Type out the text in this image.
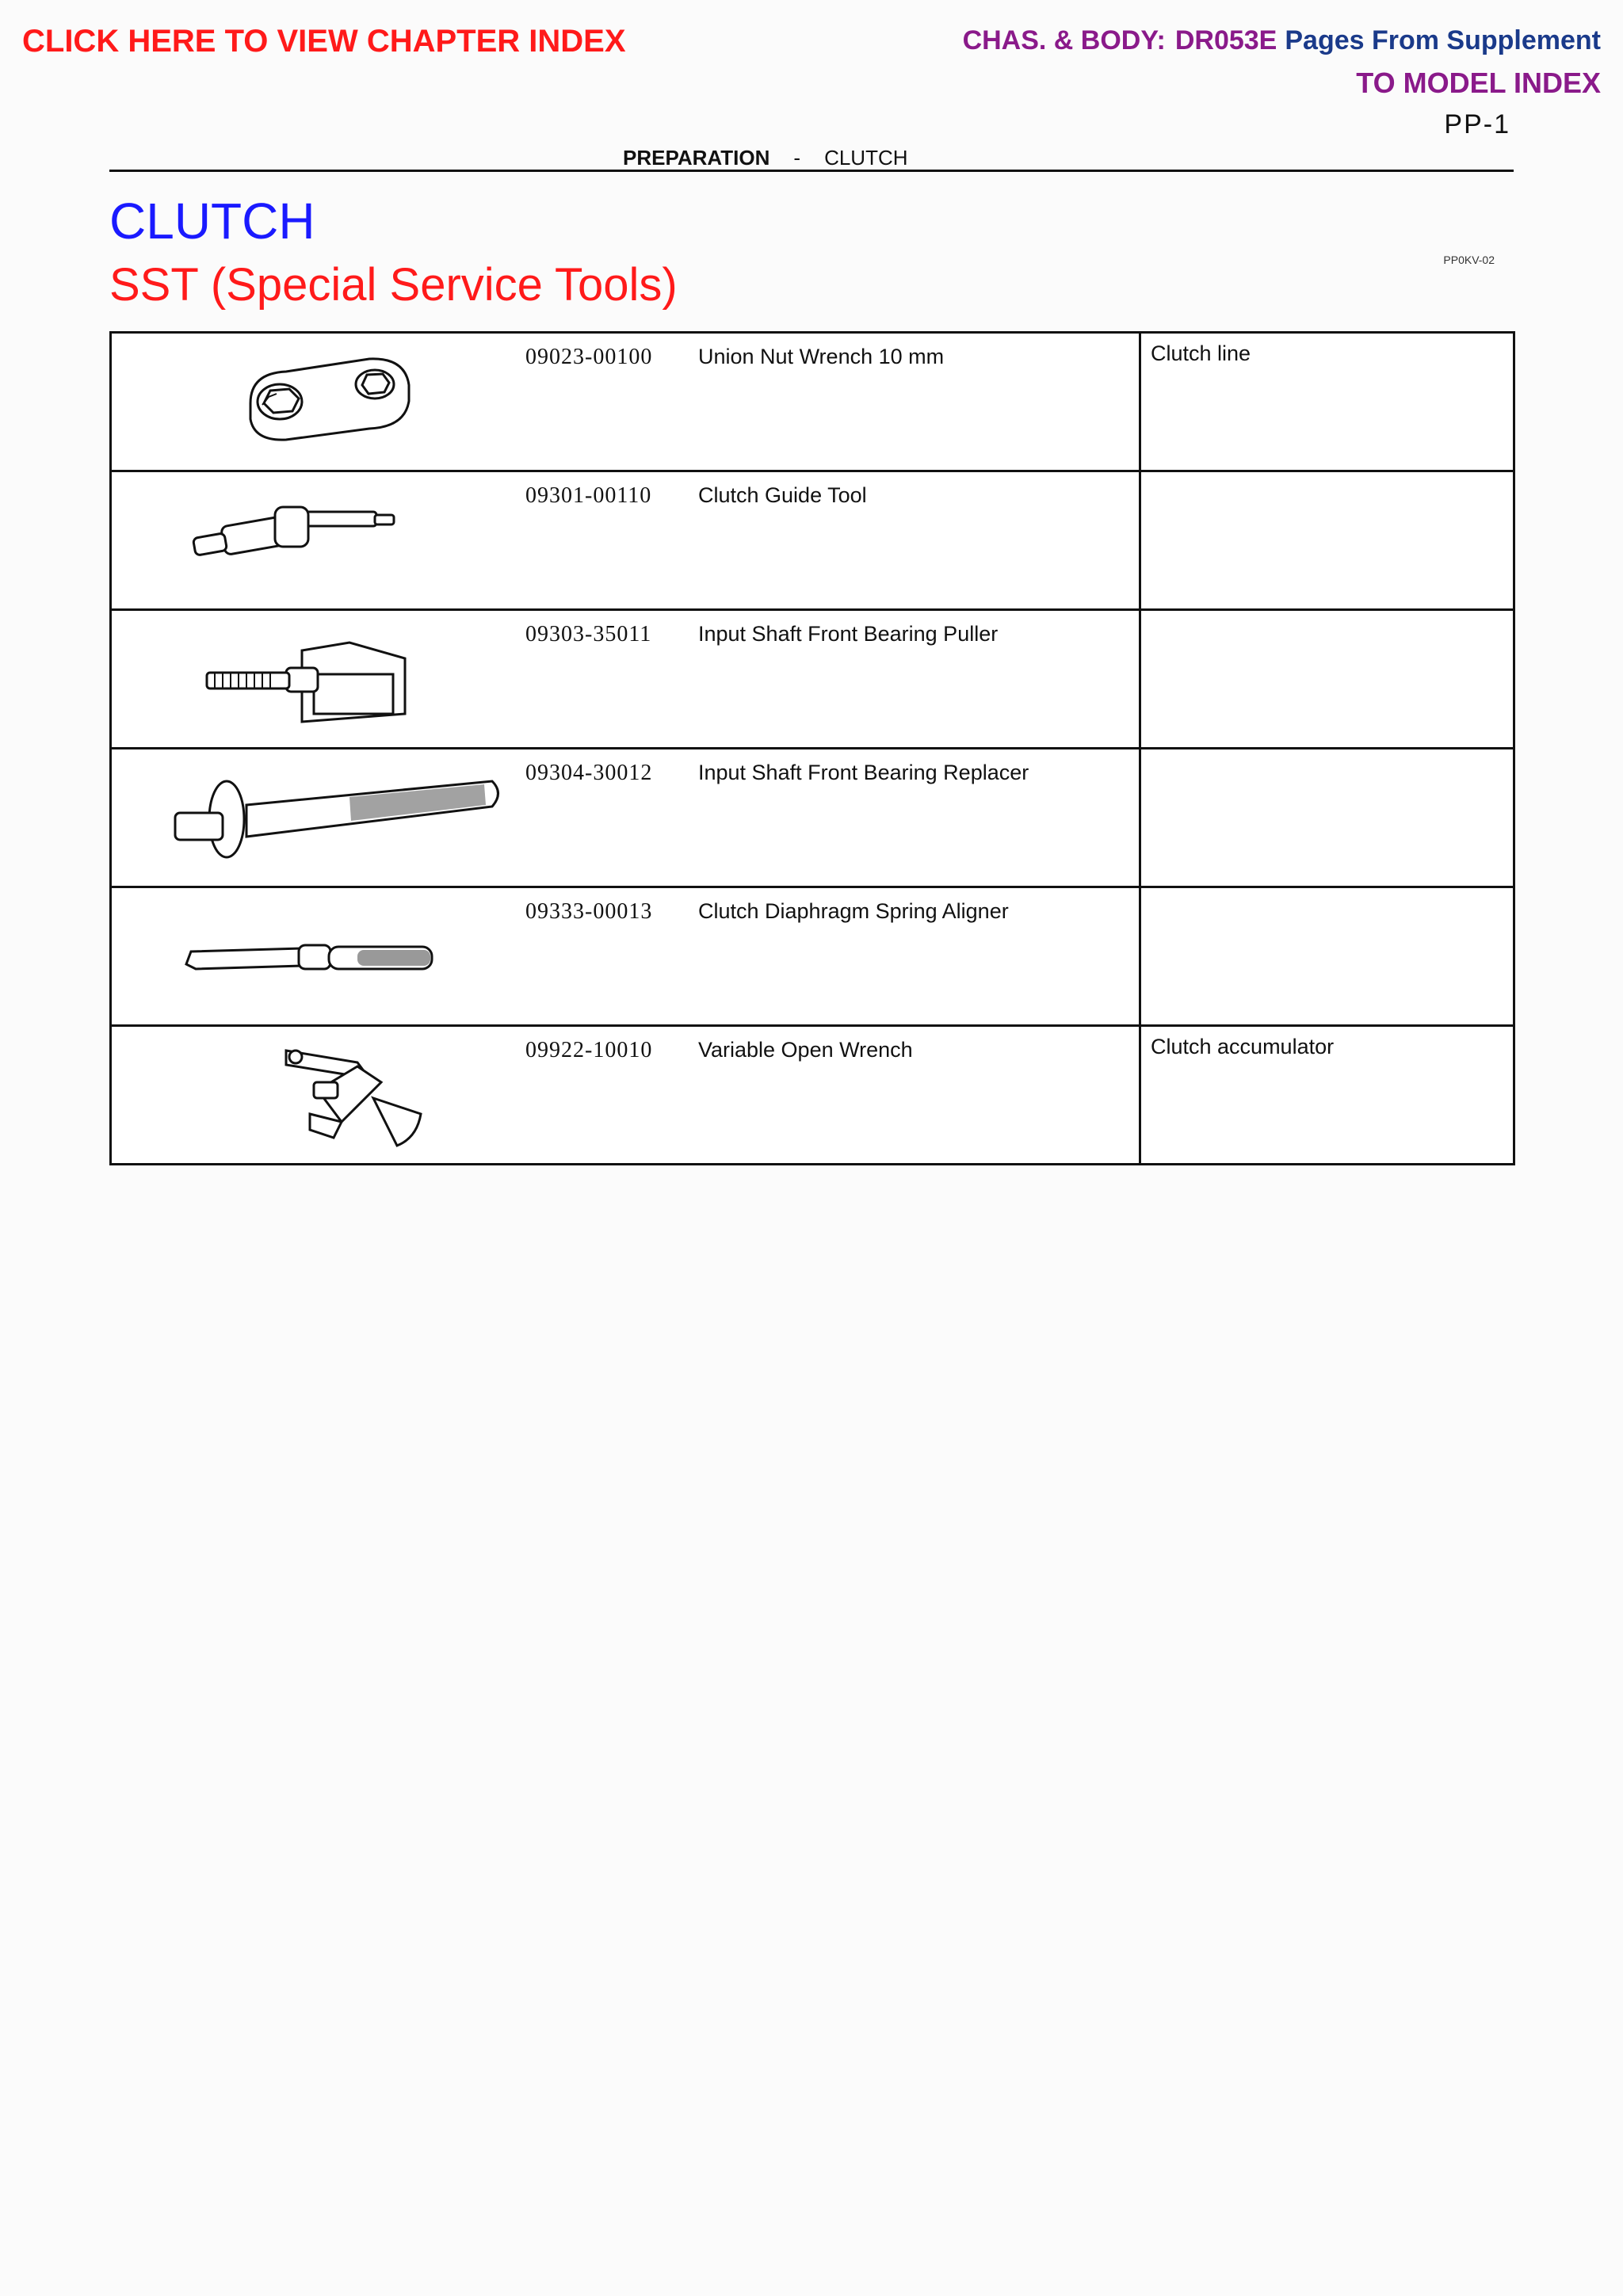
CLICK HERE TO VIEW CHAPTER INDEX	CHAS. & BODY: DR053E Pages From Supplement
TO MODEL INDEX
PP-1
PREPARATION - CLUTCH
CLUTCH
SST (Special Service Tools)	PP0KV-02
09023-00100 Union Nut Wrench 10 mm	Clutch line

09301-00110 Clutch Guide Tool	

09303-35011 Input Shaft Front Bearing Puller	

09304-30012 Input Shaft Front Bearing Replacer	

09333-00013 Clutch Diaphragm Spring Aligner	

09922-10010 Variable Open Wrench	Clutch accumulator
